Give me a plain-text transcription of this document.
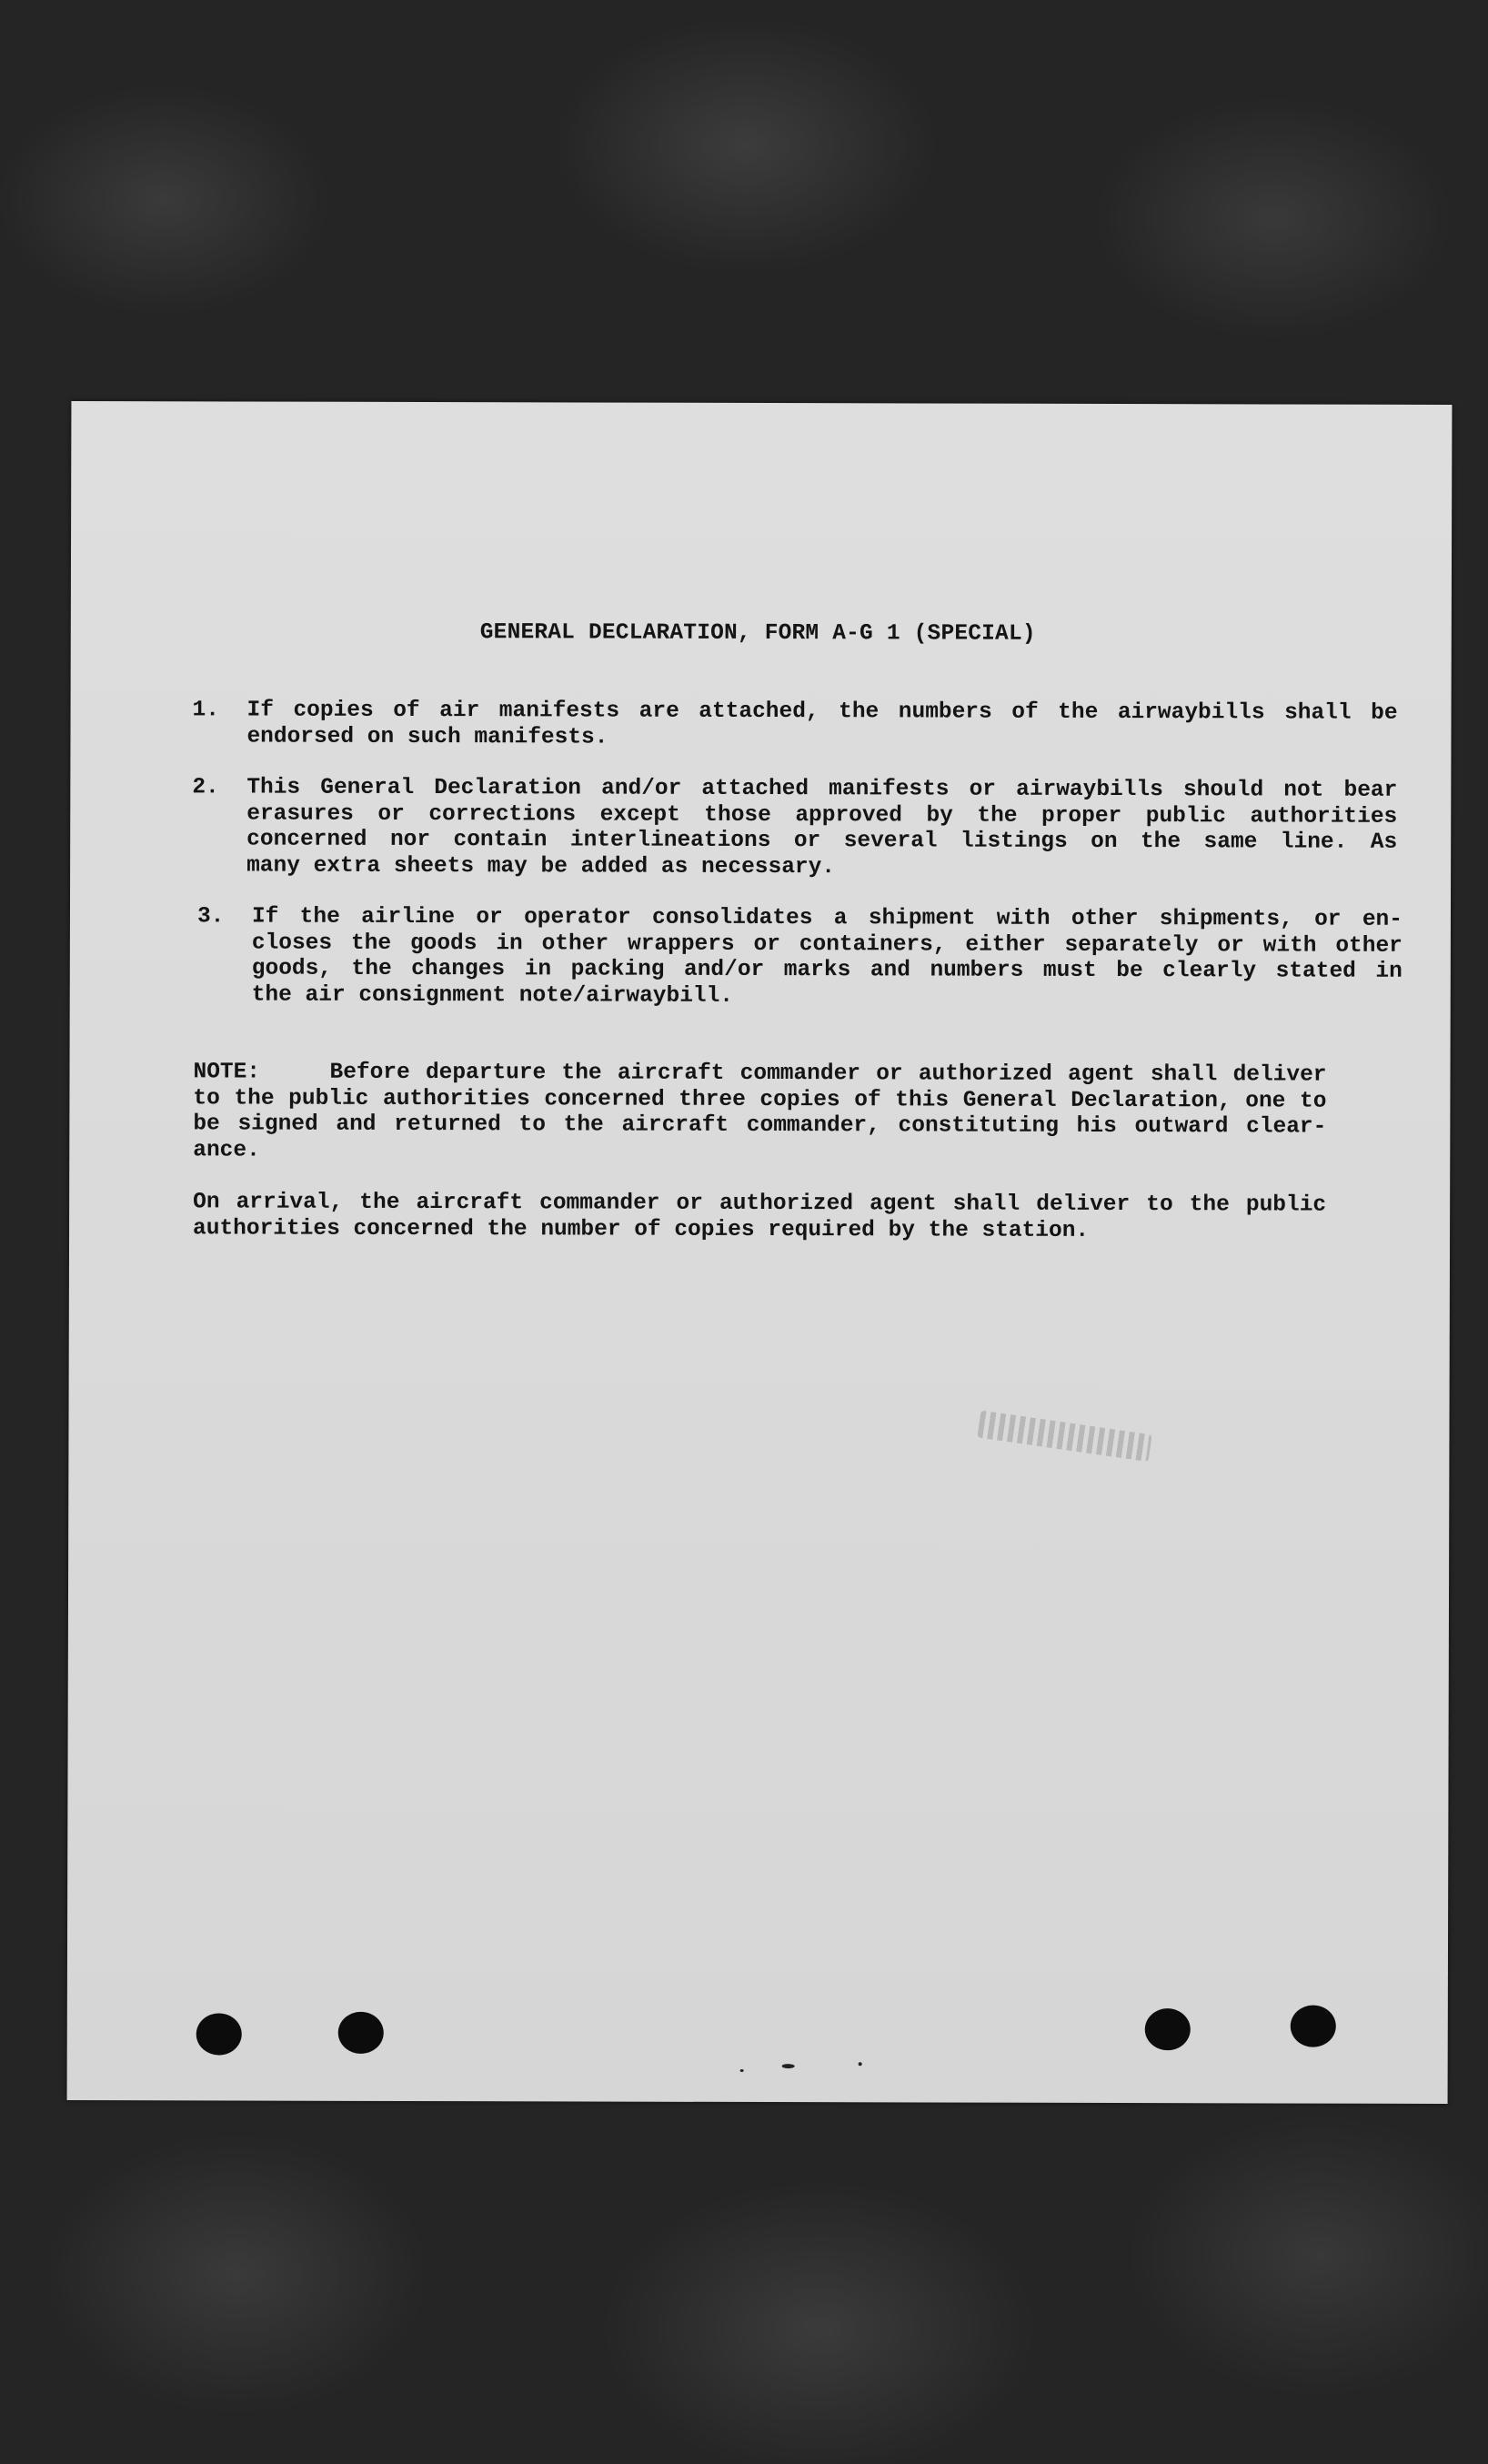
GENERAL DECLARATION, FORM A-G 1 (SPECIAL)
1. If copies of air manifests are attached, the numbers of the airwaybills shall be
endorsed on such manifests.
2. This General Declaration and/or attached manifests or airwaybills should not bear
erasures or corrections except those approved by the proper public authorities
concerned nor contain interlineations or several listings on the same line. As
many extra sheets may be added as necessary.
3. If the airline or operator consolidates a shipment with other shipments, or en-
closes the goods in other wrappers or containers, either separately or with other
goods, the changes in packing and/or marks and numbers must be clearly stated in
the air consignment note/airwaybill.
NOTE:	Before departure the aircraft commander or authorized agent shall deliver
to the public authorities concerned three copies of this General Declaration, one to
be signed and returned to the aircraft commander, constituting his outward clear-
ance.
On arrival, the aircraft commander or authorized agent shall deliver to the public
authorities concerned the number of copies required by the station.
